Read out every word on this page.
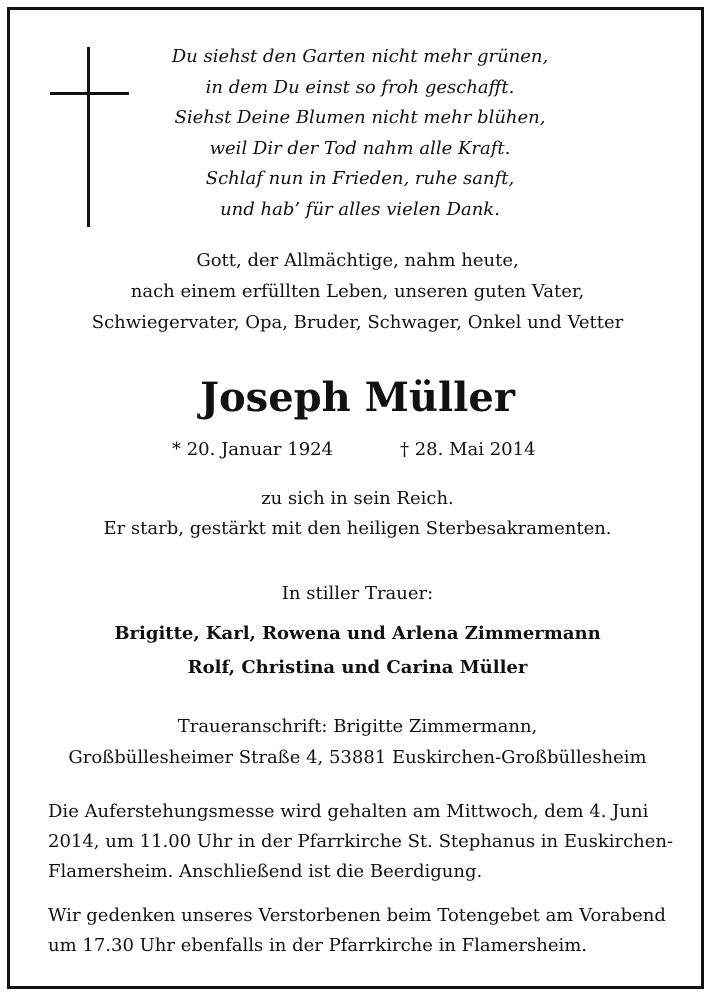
Du siehst den Garten nicht mehr grünen,
in dem Du einst so froh geschafft.
Siehst Deine Blumen nicht mehr blühen,
weil Dir der Tod nahm alle Kraft.
Schlaf nun in Frieden, ruhe sanft,
und hab’ für alles vielen Dank.
Gott, der Allmächtige, nahm heute,
nach einem erfüllten Leben, unseren guten Vater,
Schwiegervater, Opa, Bruder, Schwager, Onkel und Vetter
Joseph Müller
* 20. Januar 1924	† 28. Mai 2014
zu sich in sein Reich.
Er starb, gestärkt mit den heiligen Sterbesakramenten.
In stiller Trauer:
Brigitte, Karl, Rowena und Arlena Zimmermann
Rolf, Christina und Carina Müller
Traueranschrift: Brigitte Zimmermann,
Großbüllesheimer Straße 4, 53881 Euskirchen-Großbüllesheim
Die Auferstehungsmesse wird gehalten am Mittwoch, dem 4. Juni
2014, um 11.00 Uhr in der Pfarrkirche St. Stephanus in Euskirchen-
Flamersheim. Anschließend ist die Beerdigung.
Wir gedenken unseres Verstorbenen beim Totengebet am Vorabend
um 17.30 Uhr ebenfalls in der Pfarrkirche in Flamersheim.
